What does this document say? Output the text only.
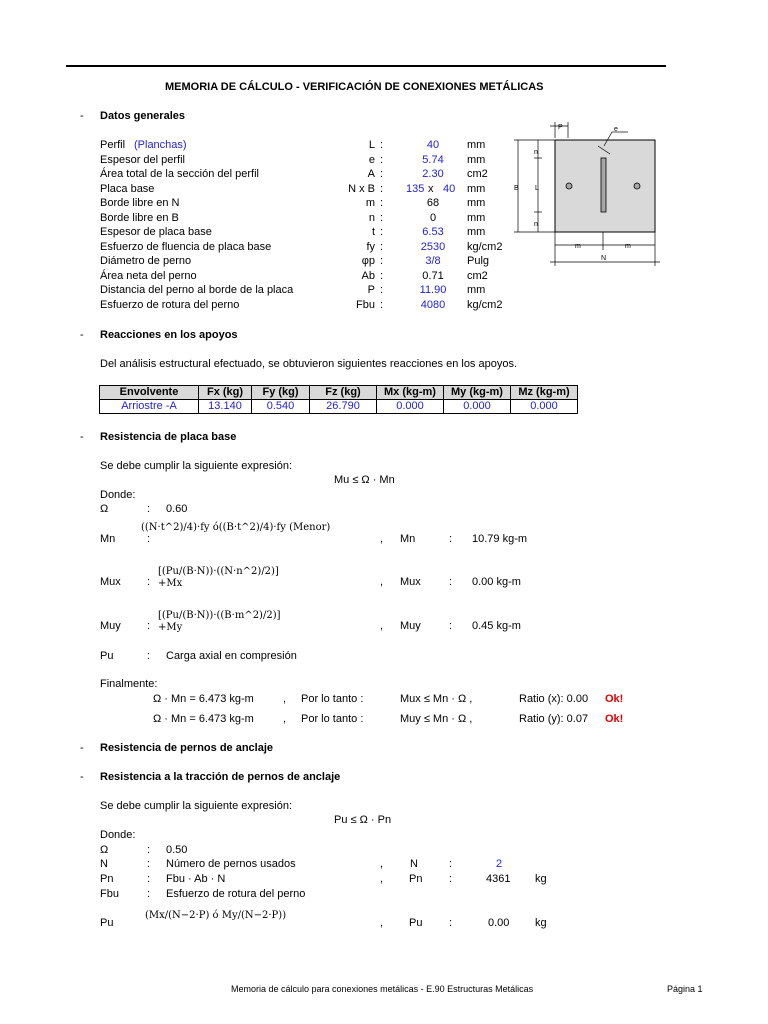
MEMORIA DE CÁLCULO - VERIFICACIÓN DE CONEXIONES METÁLICAS
- Datos generales
Perfil (Planchas)	L :	40	mm
Espesor del perfil	e :	5.74	mm
Área total de la sección del perfil	A :	2.30	cm2
Placa base	N x B : 135 x 40 mm
Borde libre en N	m :	68	mm
Borde libre en B	n :	0	mm
Espesor de placa base	t :	6.53	mm
Esfuerzo de fluencia de placa base	fy :	2530	kg/cm2
Diámetro de perno	φp :	3/8	Pulg
Área neta del perno	Ab :	0.71	cm2
Distancia del perno al borde de la placa	P :	11.90	mm
Esfuerzo de rotura del perno	Fbu :	4080	kg/cm2
P	e
B
n
L
n
m	m
N
- Reacciones en los apoyos
Del análisis estructural efectuado, se obtuvieron siguientes reacciones en los apoyos.
Envolvente	Fx (kg)	Fy (kg)	Fz (kg)	Mx (kg-m)	My (kg-m)	Mz (kg-m)
Arriostre -A	13.140	0.540	26.790	0.000	0.000	0.000
- Resistencia de placa base
Se debe cumplir la siguiente expresión:
Mu ≤ Ω · Mn
Donde:
Ω	: 0.60
((N·t^2)/4)·fy ó((B·t^2)/4)·fy (Menor)
Mn	:	, Mn	: 10.79 kg-m
[(Pu/(B·N))·((N·n^2)/2)]
+Mx
Mux :	, Mux	: 0.00 kg-m
[(Pu/(B·N))·((B·m^2)/2)]
+My
Muy :	, Muy	: 0.45 kg-m
Pu	: Carga axial en compresión
Finalmente:
Ω · Mn = 6.473 kg-m	, Por lo tanto :	Mux ≤ Mn · Ω ,	Ratio (x): 0.00 Ok!
Ω · Mn = 6.473 kg-m	, Por lo tanto :	Muy ≤ Mn · Ω ,	Ratio (y): 0.07 Ok!
- Resistencia de pernos de anclaje
- Resistencia a la tracción de pernos de anclaje
Se debe cumplir la siguiente expresión:
Pu ≤ Ω · Pn
Donde:
Ω	: 0.50
N	: Número de pernos usados	, N	:	2
Pn	: Fbu · Ab · N	, Pn :	4361 kg
Fbu	: Esfuerzo de rotura del perno
(Mx/(N−2·P) ó My/(N−2·P))
Pu	, Pu :	0.00 kg
Memoria de cálculo para conexiones metálicas - E.90 Estructuras Metálicas	Página 1
